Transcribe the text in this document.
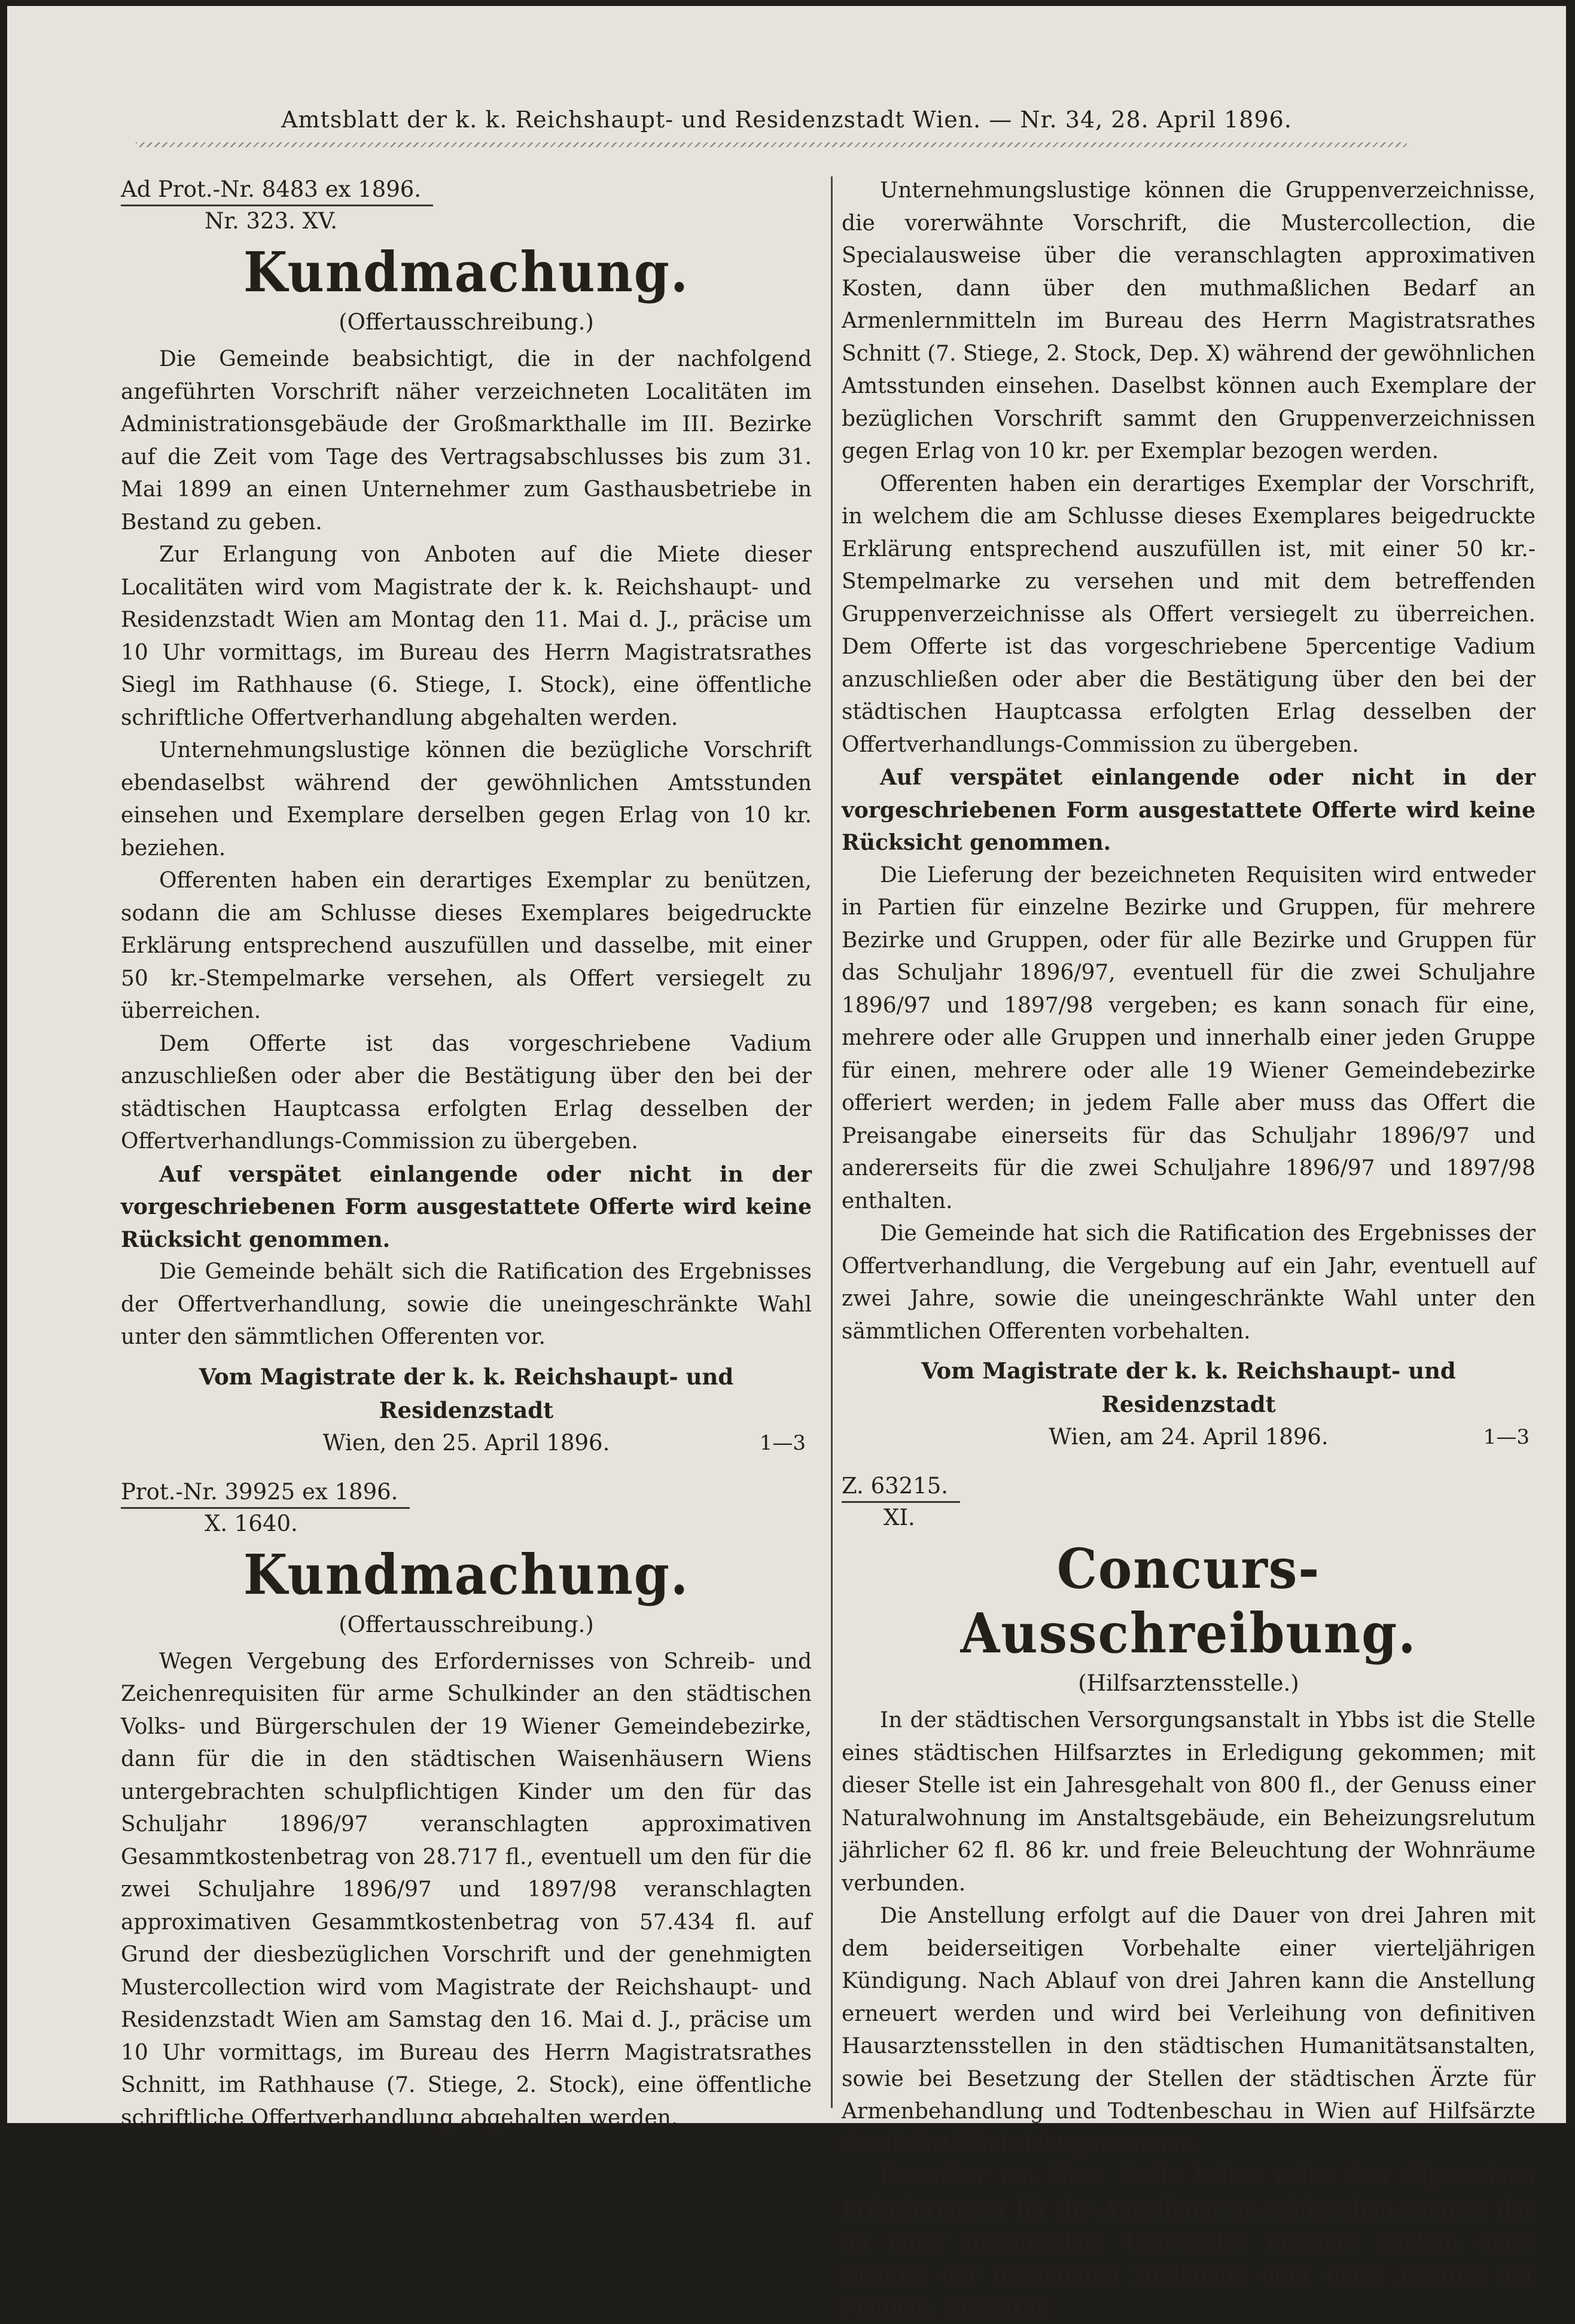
Amtsblatt der k. k. Reichshaupt- und Residenzstadt Wien. — Nr. 34, 28. April 1896.
Ad Prot.-Nr. 8483 ex 1896.
Nr. 323. XV.
Kundmachung.
(Offertausschreibung.)

Die Gemeinde beabsichtigt, die in der nachfolgend angeführten Vorschrift näher verzeichneten Localitäten im Administrationsgebäude der Großmarkthalle im III. Bezirke auf die Zeit vom Tage des Vertragsabschlusses bis zum 31. Mai 1899 an einen Unternehmer zum Gasthausbetriebe in Bestand zu geben.

Zur Erlangung von Anboten auf die Miete dieser Localitäten wird vom Magistrate der k. k. Reichshaupt- und Residenzstadt Wien am Montag den 11. Mai d. J., präcise um 10 Uhr vormittags, im Bureau des Herrn Magistratsrathes Siegl im Rathhause (6. Stiege, I. Stock), eine öffentliche schriftliche Offertverhandlung abgehalten werden.

Unternehmungslustige können die bezügliche Vorschrift ebendaselbst während der gewöhnlichen Amtsstunden einsehen und Exemplare derselben gegen Erlag von 10 kr. beziehen.

Offerenten haben ein derartiges Exemplar zu benützen, sodann die am Schlusse dieses Exemplares beigedruckte Erklärung entsprechend auszufüllen und dasselbe, mit einer 50 kr.-Stempelmarke versehen, als Offert versiegelt zu überreichen.

Dem Offerte ist das vorgeschriebene Vadium anzuschließen oder aber die Bestätigung über den bei der städtischen Hauptcassa erfolgten Erlag desselben der Offertverhandlungs-Commission zu übergeben.

Auf verspätet einlangende oder nicht in der vorgeschriebenen Form ausgestattete Offerte wird keine Rücksicht genommen.

Die Gemeinde behält sich die Ratification des Ergebnisses der Offertverhandlung, sowie die uneingeschränkte Wahl unter den sämmtlichen Offerenten vor.

Vom Magistrate der k. k. Reichshaupt- und Residenzstadt

Wien, den 25. April 1896.	1—3

Prot.-Nr. 39925 ex 1896.
X. 1640.
Kundmachung.
(Offertausschreibung.)

Wegen Vergebung des Erfordernisses von Schreib- und Zeichenrequisiten für arme Schulkinder an den städtischen Volks- und Bürgerschulen der 19 Wiener Gemeindebezirke, dann für die in den städtischen Waisenhäusern Wiens untergebrachten schulpflichtigen Kinder um den für das Schuljahr 1896/97 veranschlagten approximativen Gesammtkostenbetrag von 28.717 fl., eventuell um den für die zwei Schuljahre 1896/97 und 1897/98 veranschlagten approximativen Gesammtkostenbetrag von 57.434 fl. auf Grund der diesbezüglichen Vorschrift und der genehmigten Mustercollection wird vom Magistrate der Reichshaupt- und Residenzstadt Wien am Samstag den 16. Mai d. J., präcise um 10 Uhr vormittags, im Bureau des Herrn Magistratsrathes Schnitt, im Rathhause (7. Stiege, 2. Stock), eine öffentliche schriftliche Offertverhandlung abgehalten werden.

Unternehmungslustige können die Gruppenverzeichnisse, die vorerwähnte Vorschrift, die Mustercollection, die Specialausweise über die veranschlagten approximativen Kosten, dann über den muthmaßlichen Bedarf an Armenlernmitteln im Bureau des Herrn Magistratsrathes Schnitt (7. Stiege, 2. Stock, Dep. X) während der gewöhnlichen Amtsstunden einsehen. Daselbst können auch Exemplare der bezüglichen Vorschrift sammt den Gruppenverzeichnissen gegen Erlag von 10 kr. per Exemplar bezogen werden.

Offerenten haben ein derartiges Exemplar der Vorschrift, in welchem die am Schlusse dieses Exemplares beigedruckte Erklärung entsprechend auszufüllen ist, mit einer 50 kr.-Stempelmarke zu versehen und mit dem betreffenden Gruppenverzeichnisse als Offert versiegelt zu überreichen. Dem Offerte ist das vorgeschriebene 5percentige Vadium anzuschließen oder aber die Bestätigung über den bei der städtischen Hauptcassa erfolgten Erlag desselben der Offertverhandlungs-Commission zu übergeben.

Auf verspätet einlangende oder nicht in der vorgeschriebenen Form ausgestattete Offerte wird keine Rücksicht genommen.

Die Lieferung der bezeichneten Requisiten wird entweder in Partien für einzelne Bezirke und Gruppen, für mehrere Bezirke und Gruppen, oder für alle Bezirke und Gruppen für das Schuljahr 1896/97, eventuell für die zwei Schuljahre 1896/97 und 1897/98 vergeben; es kann sonach für eine, mehrere oder alle Gruppen und innerhalb einer jeden Gruppe für einen, mehrere oder alle 19 Wiener Gemeindebezirke offeriert werden; in jedem Falle aber muss das Offert die Preisangabe einerseits für das Schuljahr 1896/97 und andererseits für die zwei Schuljahre 1896/97 und 1897/98 enthalten.

Die Gemeinde hat sich die Ratification des Ergebnisses der Offertverhandlung, die Vergebung auf ein Jahr, eventuell auf zwei Jahre, sowie die uneingeschränkte Wahl unter den sämmtlichen Offerenten vorbehalten.

Vom Magistrate der k. k. Reichshaupt- und Residenzstadt

Wien, am 24. April 1896.	1—3

Z. 63215.
XI.
Concurs-Ausschreibung.
(Hilfsarztensstelle.)

In der städtischen Versorgungsanstalt in Ybbs ist die Stelle eines städtischen Hilfsarztes in Erledigung gekommen; mit dieser Stelle ist ein Jahresgehalt von 800 fl., der Genuss einer Naturalwohnung im Anstaltsgebäude, ein Beheizungsrelutum jährlicher 62 fl. 86 kr. und freie Beleuchtung der Wohnräume verbunden.

Die Anstellung erfolgt auf die Dauer von drei Jahren mit dem beiderseitigen Vorbehalte einer vierteljährigen Kündigung. Nach Ablauf von drei Jahren kann die Anstellung erneuert werden und wird bei Verleihung von definitiven Hausarztensstellen in den städtischen Humanitätsanstalten, sowie bei Besetzung der Stellen der städtischen Ärzte für Armenbehandlung und Todtenbeschau in Wien auf Hilfsärzte thunlichst Rücksicht genommen.

Bewerber um diese Stelle haben nebst den allgemeinen Erfordernissen für die Anstellung im städtischen Dienste das an einer inländischen Universität erlangte Diplom eines Doctors der gesammten Heilkunde oder eines Doctors der Medicin, Chirurgie
